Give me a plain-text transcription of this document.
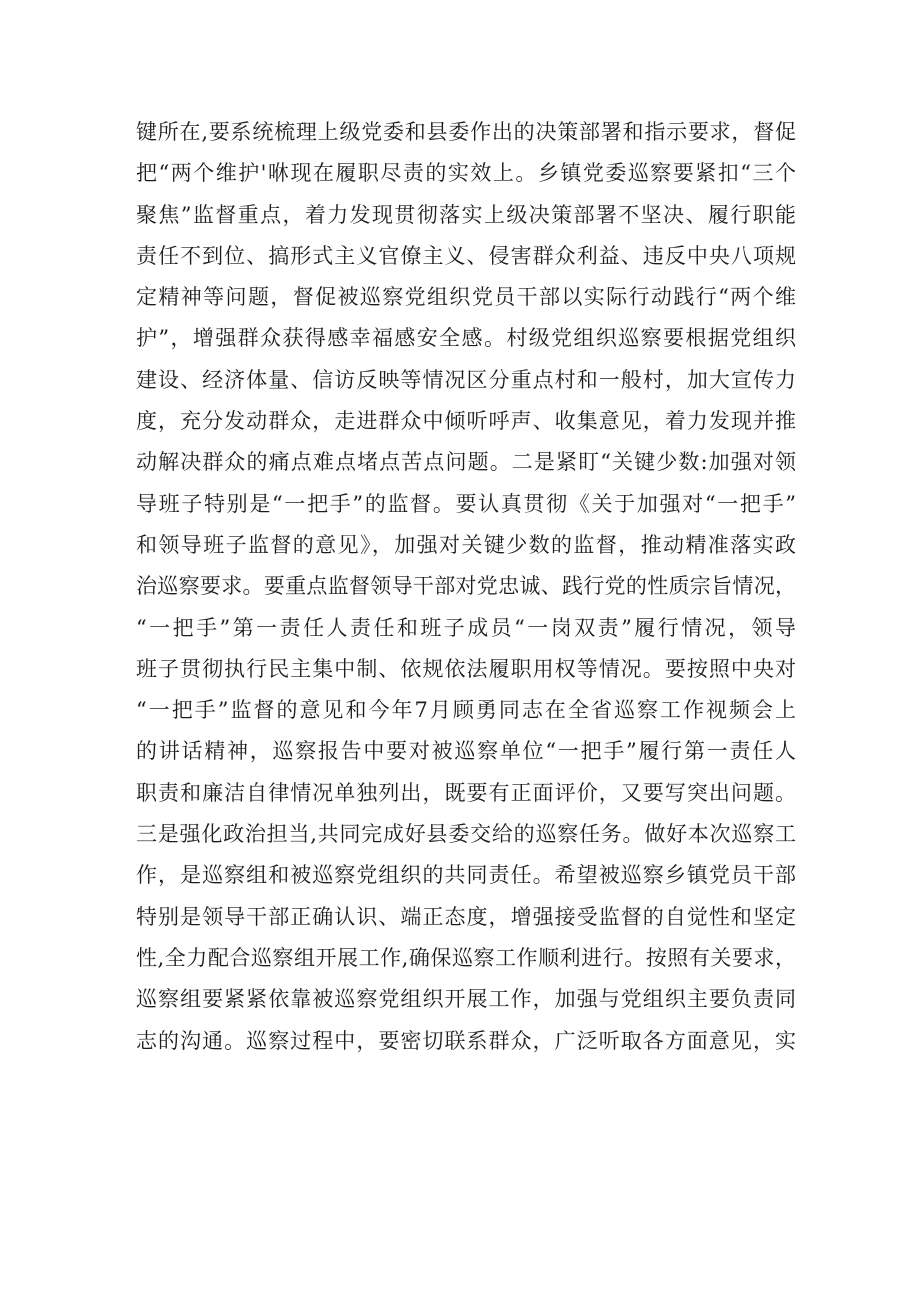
键所在,要系统梳理上级党委和县委作出的决策部署和指示要求，督促
把“两个维护'咻现在履职尽责的实效上。乡镇党委巡察要紧扣“三个
聚焦”监督重点，着力发现贯彻落实上级决策部署不坚决、履行职能
责任不到位、搞形式主义官僚主义、侵害群众利益、违反中央八项规
定精神等问题，督促被巡察党组织党员干部以实际行动践行“两个维
护”，增强群众获得感幸福感安全感。村级党组织巡察要根据党组织
建设、经济体量、信访反映等情况区分重点村和一般村，加大宣传力
度，充分发动群众，走进群众中倾听呼声、收集意见，着力发现并推
动解决群众的痛点难点堵点苦点问题。二是紧盯“关键少数:加强对领
导班子特别是“一把手”的监督。要认真贯彻《关于加强对“一把手”
和领导班子监督的意见》，加强对关键少数的监督，推动精准落实政
治巡察要求。要重点监督领导干部对党忠诚、践行党的性质宗旨情况，
“一把手”第一责任人责任和班子成员“一岗双责”履行情况，领导
班子贯彻执行民主集中制、依规依法履职用权等情况。要按照中央对
“一把手”监督的意见和今年7月顾勇同志在全省巡察工作视频会上
的讲话精神，巡察报告中要对被巡察单位“一把手”履行第一责任人
职责和廉洁自律情况单独列出，既要有正面评价，又要写突出问题。
三是强化政治担当,共同完成好县委交给的巡察任务。做好本次巡察工
作，是巡察组和被巡察党组织的共同责任。希望被巡察乡镇党员干部
特别是领导干部正确认识、端正态度，增强接受监督的自觉性和坚定
性,全力配合巡察组开展工作,确保巡察工作顺利进行。按照有关要求，
巡察组要紧紧依靠被巡察党组织开展工作，加强与党组织主要负责同
志的沟通。巡察过程中，要密切联系群众，广泛听取各方面意见，实
